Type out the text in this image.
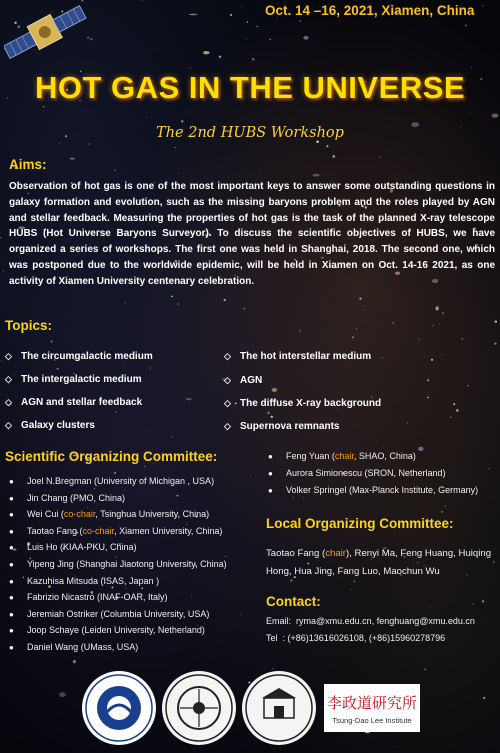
Oct. 14 –16, 2021, Xiamen, China
HOT GAS IN THE UNIVERSE
The 2nd HUBS Workshop
Aims:
Observation of hot gas is one of the most important keys to answer some outstanding questions in galaxy formation and evolution, such as the missing baryons problem and the roles played by AGN and stellar feedback. Measuring the properties of hot gas is the task of the planned X-ray telescope HUBS (Hot Universe Baryons Surveyor). To discuss the scientific objectives of HUBS, we have organized a series of workshops. The first one was held in Shanghai, 2018. The second one, which was postponed due to the worldwide epidemic, will be held in Xiamen on Oct. 14-16 2021, as one activity of Xiamen University centenary celebration.
Topics:
◇ The circumgalactic medium
◇ The intergalactic medium
◇ AGN and stellar feedback
◇ Galaxy clusters
◇ The hot interstellar medium
◇ AGN
◇ The diffuse X-ray background
◇ Supernova remnants
Scientific Organizing Committee:
● Joel N.Bregman (University of Michigan , USA)
● Jin Chang (PMO, China)
● Wei Cui (co-chair, Tsinghua University, China)
● Taotao Fang (co-chair, Xiamen University, China)
● Luis Ho (KIAA-PKU, China)
● Yipeng Jing (Shanghai Jiaotong University, China)
● Kazuhisa Mitsuda (ISAS, Japan )
● Fabrizio Nicastro (INAF-OAR, Italy)
● Jeremiah Ostriker (Columbia University, USA)
● Joop Schaye (Leiden University, Netherland)
● Daniel Wang (UMass, USA)
● Feng Yuan (chair, SHAO, China)
● Aurora Simionescu (SRON, Netherland)
● Volker Springel (Max-Planck Institute, Germany)
Local Organizing Committee:
Taotao Fang (chair), Renyi Ma, Feng Huang, Huiqing Hong, Hua Jing, Fang Luo, Maochun Wu
Contact:
Email: ryma@xmu.edu.cn, fenghuang@xmu.edu.cn
Tel : (+86)13616026108, (+86)15960278796
李政道研究所
Tsung-Dao Lee Institute
